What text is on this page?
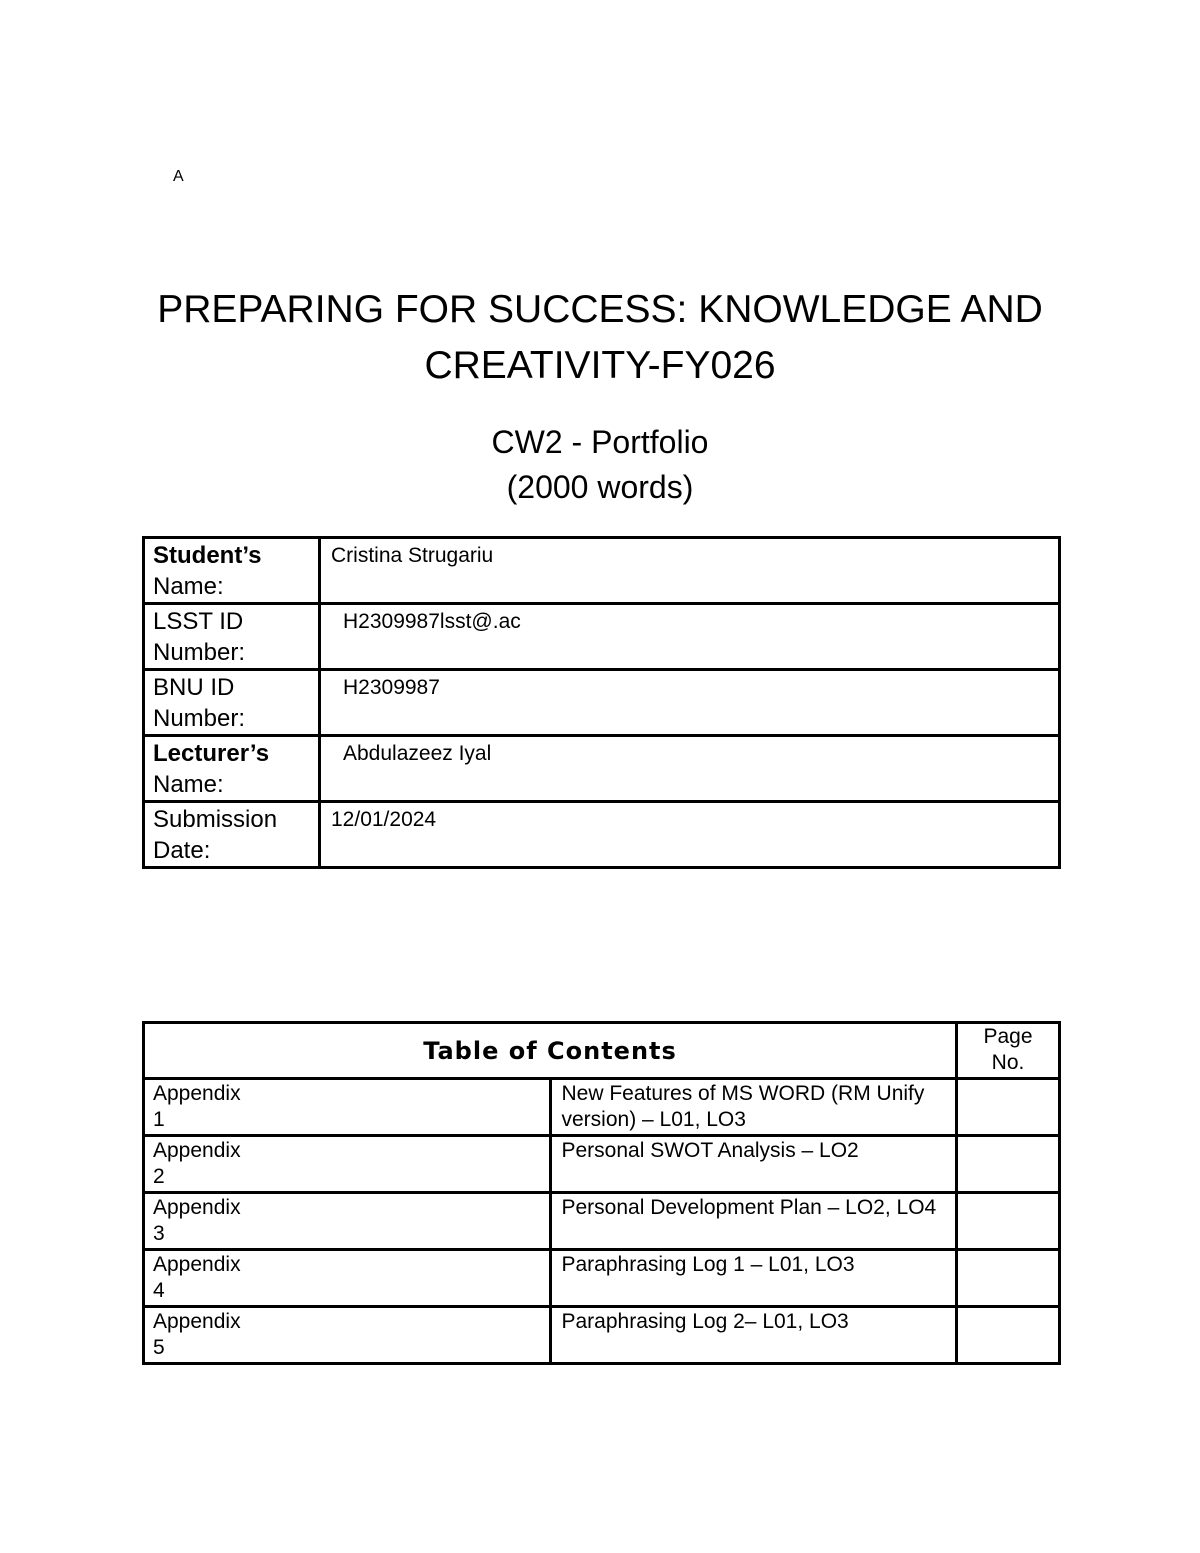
A
PREPARING FOR SUCCESS: KNOWLEDGE AND
CREATIVITY-FY026
CW2 - Portfolio
(2000 words)
Student’s
Name:	Cristina Strugariu
LSST ID
Number:	H2309987lsst@.ac
BNU ID
Number:	H2309987
Lecturer’s
Name:	Abdulazeez Iyal
Submission
Date:	12/01/2024
Table of Contents		Page
No.
Appendix
1	New Features of MS WORD (RM Unify version) – L01, LO3	
Appendix
2	Personal SWOT Analysis – LO2	
Appendix
3	Personal Development Plan – LO2, LO4	
Appendix
4	Paraphrasing Log 1 – L01, LO3	
Appendix
5	Paraphrasing Log 2– L01, LO3	
